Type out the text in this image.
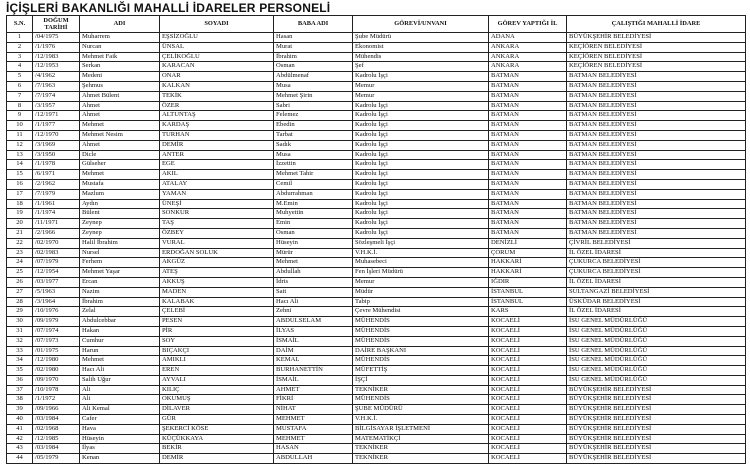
İÇİŞLERİ BAKANLIĞI MAHALLİ İDARELER PERSONELİ
S.N.	DOĞUM TARİHİ	ADI	SOYADI	BABA ADI	GÖREVİ/UNVANI	GÖREV YAPTIĞI İL	ÇALIŞTIĞI MAHALLİ İDARE
1	/04/1975	Muharrem	EŞSİZOĞLU	Hasan	Şube Müdürü	ADANA	BÜYÜKŞEHİR BELEDİYESİ
2	/1/1976	Nurcan	ÜNSAL	Murat	Ekonomist	ANKARA	KEÇİÖREN BELEDİYESİ
3	/12/1983	Mehmet Faik	ÇELİKOĞLU	İbrahim	Mühendis	ANKARA	KEÇİÖREN BELEDİYESİ
4	/12/1953	Serkan	KARACAN	Osman	Şef	ANKARA	KEÇİÖREN BELEDİYESİ
5	/4/1962	Medeni	ONAR	Abdülmenaf	Kadrolu İşçi	BATMAN	BATMAN BELEDİYESİ
6	/7/1963	Şehmus	KALKAN	Musa	Memur	BATMAN	BATMAN BELEDİYESİ
7	/7/1974	Ahmet Bülent	TEKİK	Mehmet Şirin	Memur	BATMAN	BATMAN BELEDİYESİ
8	/3/1957	Ahmet	ÖZER	Sabri	Kadrolu İşçi	BATMAN	BATMAN BELEDİYESİ
9	/12/1971	Ahmet	ALTUNTAŞ	Felemez	Kadrolu İşçi	BATMAN	BATMAN BELEDİYESİ
10	/1/1977	Mehmet	KARDAŞ	Ebedin	Kadrolu İşçi	BATMAN	BATMAN BELEDİYESİ
11	/12/1970	Mehmet Nesim	TURHAN	Tarbat	Kadrolu İşçi	BATMAN	BATMAN BELEDİYESİ
12	/3/1969	Ahmet	DEMİR	Sadık	Kadrolu İşçi	BATMAN	BATMAN BELEDİYESİ
13	/3/1950	Dicle	ANTER	Musa	Kadrolu İşçi	BATMAN	BATMAN BELEDİYESİ
14	/1/1978	Gülseher	EGE	İzzettin	Kadrolu İşçi	BATMAN	BATMAN BELEDİYESİ
15	/6/1971	Mehmet	AKIL	Mehmet Tahir	Kadrolu İşçi	BATMAN	BATMAN BELEDİYESİ
16	/2/1962	Mustafa	ATALAY	Cemil	Kadrolu İşçi	BATMAN	BATMAN BELEDİYESİ
17	/7/1979	Mazlum	YAMAN	Abdurrahman	Kadrolu İşçi	BATMAN	BATMAN BELEDİYESİ
18	/1/1961	Aydın	ÜNEŞİ	M.Emin	Kadrolu İşçi	BATMAN	BATMAN BELEDİYESİ
19	/1/1974	Bülent	SONKUR	Muhyettin	Kadrolu İşçi	BATMAN	BATMAN BELEDİYESİ
20	/11/1971	Zeynep	TAŞ	Emin	Kadrolu İşçi	BATMAN	BATMAN BELEDİYESİ
21	/2/1966	Zeynep	ÖZBEY	Osman	Kadrolu İşçi	BATMAN	BATMAN BELEDİYESİ
22	/02/1970	Halil İbrahim	VURAL	Hüseyin	Sözleşmeli İşçi	DENİZLİ	ÇİVRİL BELEDİYESİ
23	/02/1983	Nursel	ERDOĞAN SOLUK	Mürür	V.H.K.İ.	ÇORUM	İL ÖZEL İDARESİ
24	/07/1979	Ferhem	AKGÜZ	Mehmet	Muhasebeci	HAKKARİ	ÇUKURCA BELEDİYESİ
25	/12/1954	Mehmet Yaşar	ATEŞ	Abdullah	Fen İşleri Müdürü	HAKKARİ	ÇUKURCA BELEDİYESİ
26	/03/1977	Ercan	AKKUŞ	İdris	Memur	IĞDIR	İL ÖZEL İDARESİ
27	/5/1963	Nazim	MADEN	Sait	Müdür	İSTANBUL	SULTANGAZİ BELEDİYESİ
28	/3/1964	İbrahim	KALABAK	Hacı Ali	Tabip	İSTANBUL	ÜSKÜDAR BELEDİYESİ
29	/10/1976	Zelal	ÇELEBİ	Zehni	Çevre Mühendisi	KARS	İL ÖZEL İDARESİ
30	/09/1979	Abdulcebbar	PESEN	ABDULSELAM	MÜHENDİS	KOCAELİ	İSU GENEL MÜDÜRLÜĞÜ
31	/07/1974	Hakan	PİR	İLYAS	MÜHENDİS	KOCAELİ	İSU GENEL MÜDÜRLÜĞÜ
32	/07/1973	Cumhur	SOY	İSMAİL	MÜHENDİS	KOCAELİ	İSU GENEL MÜDÜRLÜĞÜ
33	/01/1975	Harun	BIÇAKÇI	DAİM	DAİRE BAŞKANI	KOCAELİ	İSU GENEL MÜDÜRLÜĞÜ
34	/12/1980	Mehmet	AMIKLI	KEMAL	MÜHENDİS	KOCAELİ	İSU GENEL MÜDÜRLÜĞÜ
35	/02/1980	Hacı Ali	EREN	BURHANETTİN	MÜFETTİŞ	KOCAELİ	İSU GENEL MÜDÜRLÜĞÜ
36	/09/1970	Salih Uğur	AYVALI	İSMAİL	İŞÇİ	KOCAELİ	İSU GENEL MÜDÜRLÜĞÜ
37	/10/1978	Ali	KILIÇ	AHMET	TEKNİKER	KOCAELİ	BÜYÜKŞEHİR BELEDİYESİ
38	/1/1972	Ali	OKUMUŞ	FİKRİ	MÜHENDİS	KOCAELİ	BÜYÜKŞEHİR BELEDİYESİ
39	/09/1966	Ali Kemal	DİLAVER	NİHAT	ŞUBE MÜDÜRÜ	KOCAELİ	BÜYÜKŞEHİR BELEDİYESİ
40	/03/1984	Cafer	GÜR	MEHMET	V.H.K.İ.	KOCAELİ	BÜYÜKŞEHİR BELEDİYESİ
41	/02/1968	Hava	ŞEKERCİ KÖSE	MUSTAFA	BİLGİSAYAR İŞLETMENİ	KOCAELİ	BÜYÜKŞEHİR BELEDİYESİ
42	/12/1985	Hüseyin	KÜÇÜKKAYA	MEHMET	MATEMATİKÇİ	KOCAELİ	BÜYÜKŞEHİR BELEDİYESİ
43	/03/1984	İlyas	BEKİR	HASAN	TEKNİKER	KOCAELİ	BÜYÜKŞEHİR BELEDİYESİ
44	/05/1979	Kenan	DEMİR	ABDULLAH	TEKNİKER	KOCAELİ	BÜYÜKŞEHİR BELEDİYESİ
